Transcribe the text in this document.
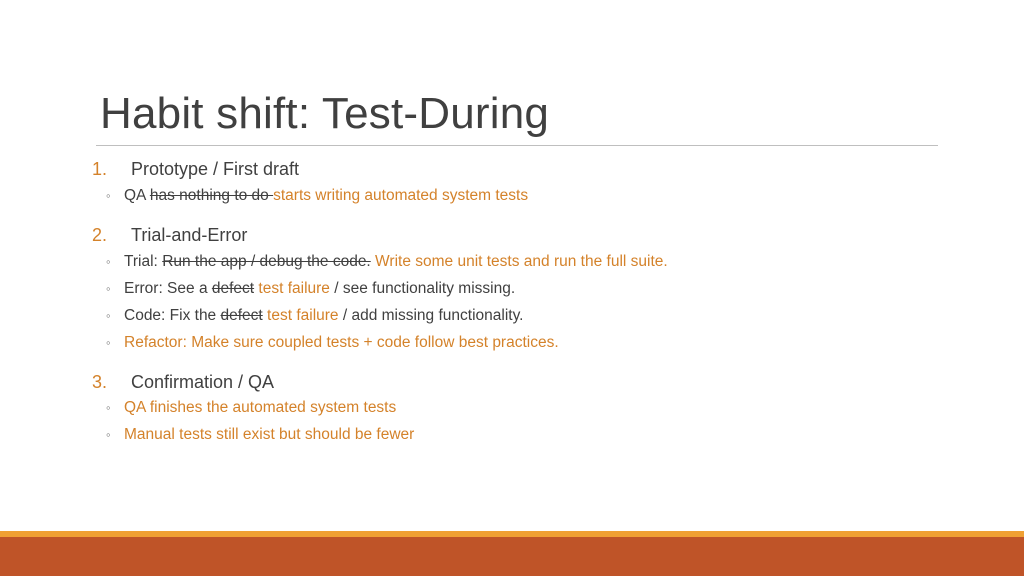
Habit shift: Test-During
1. Prototype / First draft
◦ QA has nothing to do starts writing automated system tests
2. Trial-and-Error
◦ Trial: Run the app / debug the code. Write some unit tests and run the full suite.
◦ Error: See a defect test failure / see functionality missing.
◦ Code: Fix the defect test failure / add missing functionality.
◦ Refactor: Make sure coupled tests + code follow best practices.
3. Confirmation / QA
◦ QA finishes the automated system tests
◦ Manual tests still exist but should be fewer
